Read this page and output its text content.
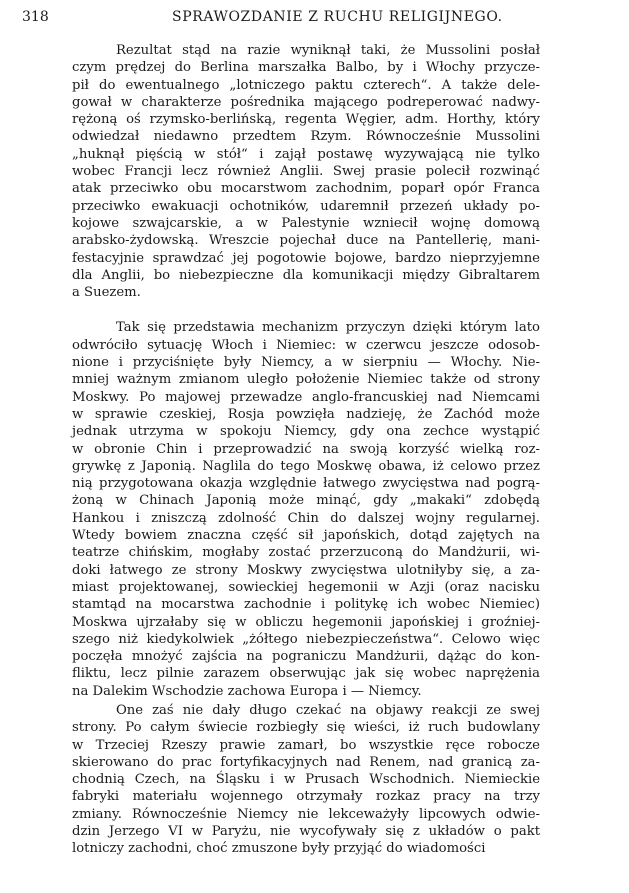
318	SPRAWOZDANIE Z RUCHU RELIGIJNEGO.
Rezultat stąd na razie wyniknął taki, że Mussolini posłał
czym prędzej do Berlina marszałka Balbo, by i Włochy przycze-
pił do ewentualnego „lotniczego paktu czterech“. A także dele-
gował w charakterze pośrednika mającego podreperować nadwy-
rężoną oś rzymsko-berlińską, regenta Węgier, adm. Horthy, który
odwiedzał niedawno przedtem Rzym. Równocześnie Mussolini
„huknął pięścią w stół“ i zajął postawę wyzywającą nie tylko
wobec Francji lecz również Anglii. Swej prasie polecił rozwinąć
atak przeciwko obu mocarstwom zachodnim, poparł opór Franca
przeciwko ewakuacji ochotników, udaremnił przezeń układy po-
kojowe szwajcarskie, a w Palestynie wzniecił wojnę domową
arabsko-żydowską. Wreszcie pojechał duce na Pantellerię, mani-
festacyjnie sprawdzać jej pogotowie bojowe, bardzo nieprzyjemne
dla Anglii, bo niebezpieczne dla komunikacji między Gibraltarem
a Suezem.
Tak się przedstawia mechanizm przyczyn dzięki którym lato
odwróciło sytuację Włoch i Niemiec: w czerwcu jeszcze odosob-
nione i przyciśnięte były Niemcy, a w sierpniu — Włochy. Nie-
mniej ważnym zmianom uległo położenie Niemiec także od strony
Moskwy. Po majowej przewadze anglo-francuskiej nad Niemcami
w sprawie czeskiej, Rosja powzięła nadzieję, że Zachód może
jednak utrzyma w spokoju Niemcy, gdy ona zechce wystąpić
w obronie Chin i przeprowadzić na swoją korzyść wielką roz-
grywkę z Japonią. Naglila do tego Moskwę obawa, iż celowo przez
nią przygotowana okazja względnie łatwego zwycięstwa nad pogrą-
żoną w Chinach Japonią może minąć, gdy „makaki“ zdobędą
Hankou i zniszczą zdolność Chin do dalszej wojny regularnej.
Wtedy bowiem znaczna część sił japońskich, dotąd zajętych na
teatrze chińskim, mogłaby zostać przerzuconą do Mandżurii, wi-
doki łatwego ze strony Moskwy zwycięstwa ulotniłyby się, a za-
miast projektowanej, sowieckiej hegemonii w Azji (oraz nacisku
stamtąd na mocarstwa zachodnie i politykę ich wobec Niemiec)
Moskwa ujrzałaby się w obliczu hegemonii japońskiej i groźniej-
szego niż kiedykolwiek „żółtego niebezpieczeństwa“. Celowo więc
poczęła mnożyć zajścia na pograniczu Mandżurii, dążąc do kon-
fliktu, lecz pilnie zarazem obserwując jak się wobec naprężenia
na Dalekim Wschodzie zachowa Europa i — Niemcy.
One zaś nie dały długo czekać na objawy reakcji ze swej
strony. Po całym świecie rozbiegły się wieści, iż ruch budowlany
w Trzeciej Rzeszy prawie zamarł, bo wszystkie ręce robocze
skierowano do prac fortyfikacyjnych nad Renem, nad granicą za-
chodnią Czech, na Śląsku i w Prusach Wschodnich. Niemieckie
fabryki materiału wojennego otrzymały rozkaz pracy na trzy
zmiany. Równocześnie Niemcy nie lekceważyły lipcowych odwie-
dzin Jerzego VI w Paryżu, nie wycofywały się z układów o pakt
lotniczy zachodni, choć zmuszone były przyjąć do wiadomości
